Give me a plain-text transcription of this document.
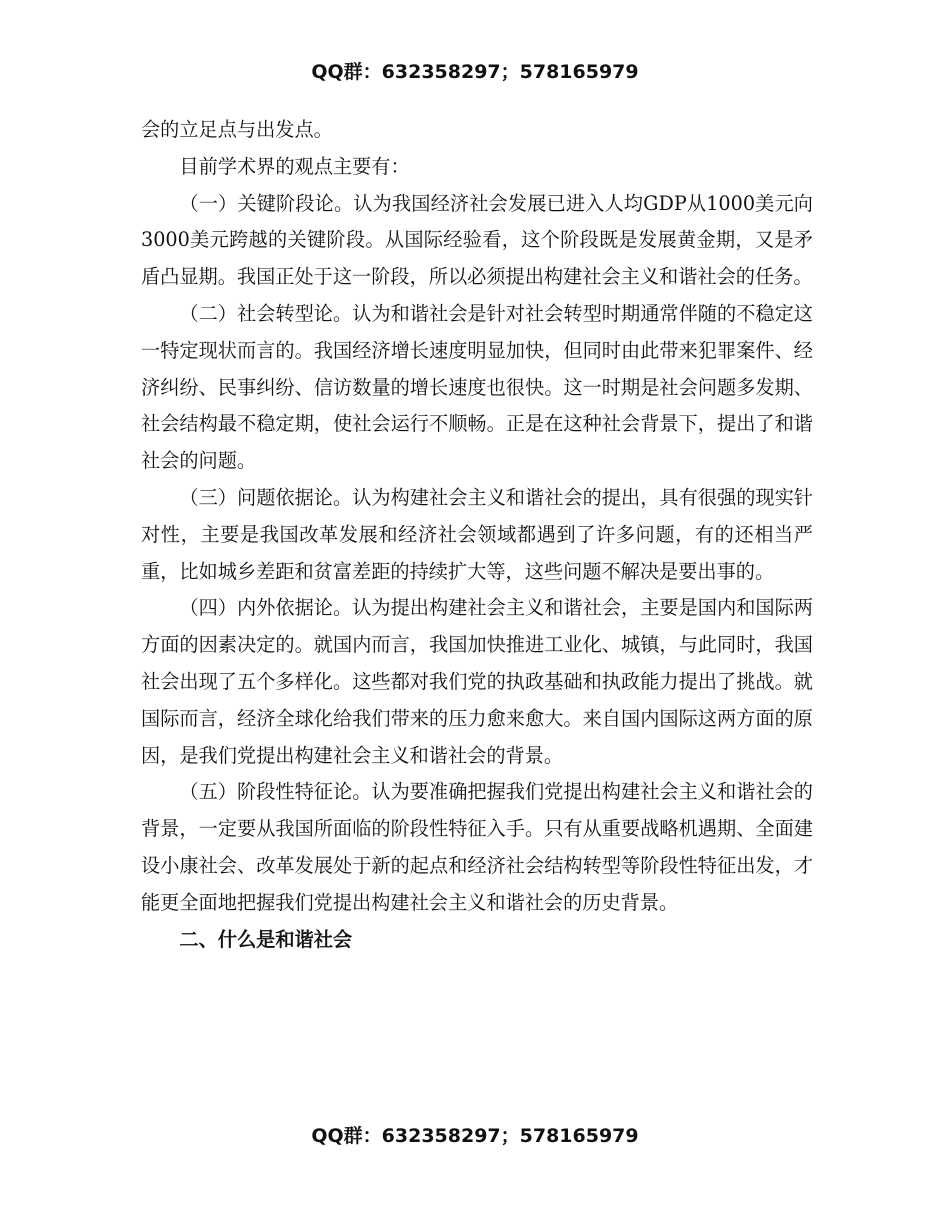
QQ群：632358297；578165979

会的立足点与出发点。

目前学术界的观点主要有：

（一）关键阶段论。认为我国经济社会发展已进入人均GDP从1000美元向3000美元跨越的关键阶段。从国际经验看，这个阶段既是发展黄金期，又是矛盾凸显期。我国正处于这一阶段，所以必须提出构建社会主义和谐社会的任务。

（二）社会转型论。认为和谐社会是针对社会转型时期通常伴随的不稳定这一特定现状而言的。我国经济增长速度明显加快，但同时由此带来犯罪案件、经济纠纷、民事纠纷、信访数量的增长速度也很快。这一时期是社会问题多发期、社会结构最不稳定期，使社会运行不顺畅。正是在这种社会背景下，提出了和谐社会的问题。

（三）问题依据论。认为构建社会主义和谐社会的提出，具有很强的现实针对性，主要是我国改革发展和经济社会领域都遇到了许多问题，有的还相当严重，比如城乡差距和贫富差距的持续扩大等，这些问题不解决是要出事的。

（四）内外依据论。认为提出构建社会主义和谐社会，主要是国内和国际两方面的因素决定的。就国内而言，我国加快推进工业化、城镇，与此同时，我国社会出现了五个多样化。这些都对我们党的执政基础和执政能力提出了挑战。就国际而言，经济全球化给我们带来的压力愈来愈大。来自国内国际这两方面的原因，是我们党提出构建社会主义和谐社会的背景。

（五）阶段性特征论。认为要准确把握我们党提出构建社会主义和谐社会的背景，一定要从我国所面临的阶段性特征入手。只有从重要战略机遇期、全面建设小康社会、改革发展处于新的起点和经济社会结构转型等阶段性特征出发，才能更全面地把握我们党提出构建社会主义和谐社会的历史背景。

二、什么是和谐社会

QQ群：632358297；578165979
